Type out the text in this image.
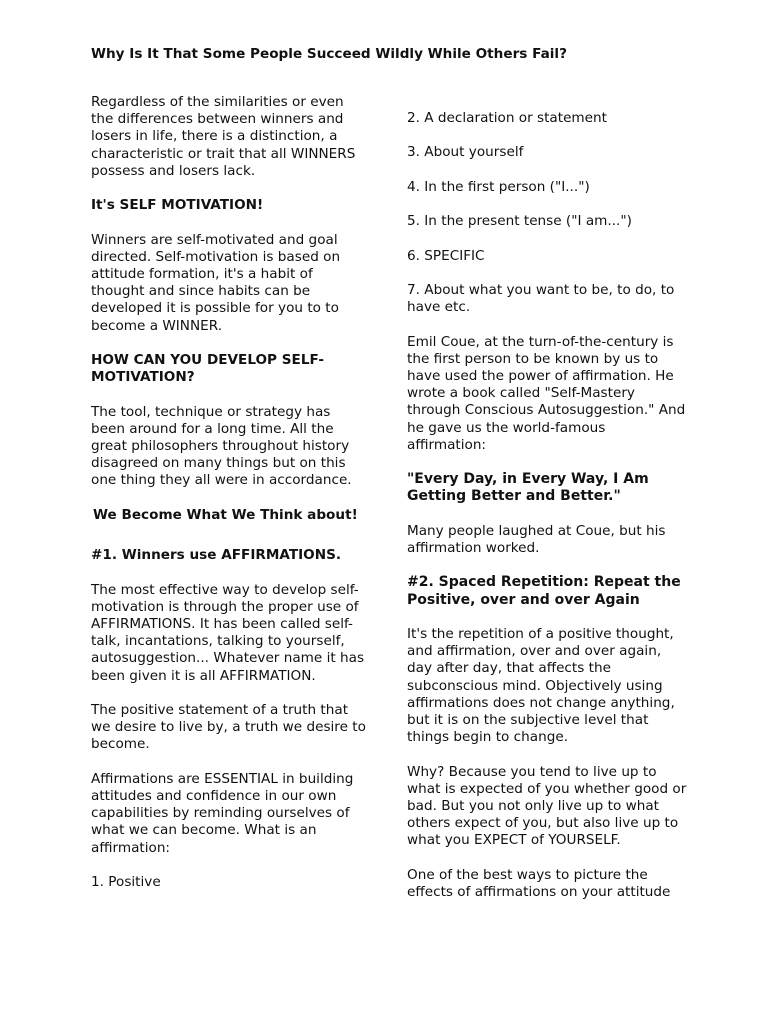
Why Is It That Some People Succeed Wildly While Others Fail?

Regardless of the similarities or even the differences between winners and losers in life, there is a distinction, a characteristic or trait that all WINNERS possess and losers lack.

It's SELF MOTIVATION!

Winners are self-motivated and goal directed. Self-motivation is based on attitude formation, it's a habit of thought and since habits can be developed it is possible for you to to become a WINNER.

HOW CAN YOU DEVELOP SELF-MOTIVATION?

The tool, technique or strategy has been around for a long time. All the great philosophers throughout history disagreed on many things but on this one thing they all were in accordance.

We Become What We Think about!

#1. Winners use AFFIRMATIONS.

The most effective way to develop self-motivation is through the proper use of AFFIRMATIONS. It has been called self-talk, incantations, talking to yourself, autosuggestion... Whatever name it has been given it is all AFFIRMATION.

The positive statement of a truth that we desire to live by, a truth we desire to become.

Affirmations are ESSENTIAL in building attitudes and confidence in our own capabilities by reminding ourselves of what we can become. What is an affirmation:

1. Positive

2. A declaration or statement

3. About yourself

4. In the first person ("I...")

5. In the present tense ("I am...")

6. SPECIFIC

7. About what you want to be, to do, to have etc.

Emil Coue, at the turn-of-the-century is the first person to be known by us to have used the power of affirmation. He wrote a book called "Self-Mastery through Conscious Autosuggestion." And he gave us the world-famous affirmation:

"Every Day, in Every Way, I Am Getting Better and Better."

Many people laughed at Coue, but his affirmation worked.

#2. Spaced Repetition: Repeat the Positive, over and over Again

It's the repetition of a positive thought, and affirmation, over and over again, day after day, that affects the subconscious mind. Objectively using affirmations does not change anything, but it is on the subjective level that things begin to change.

Why? Because you tend to live up to what is expected of you whether good or bad. But you not only live up to what others expect of you, but also live up to what you EXPECT of YOURSELF.

One of the best ways to picture the effects of affirmations on your attitude
